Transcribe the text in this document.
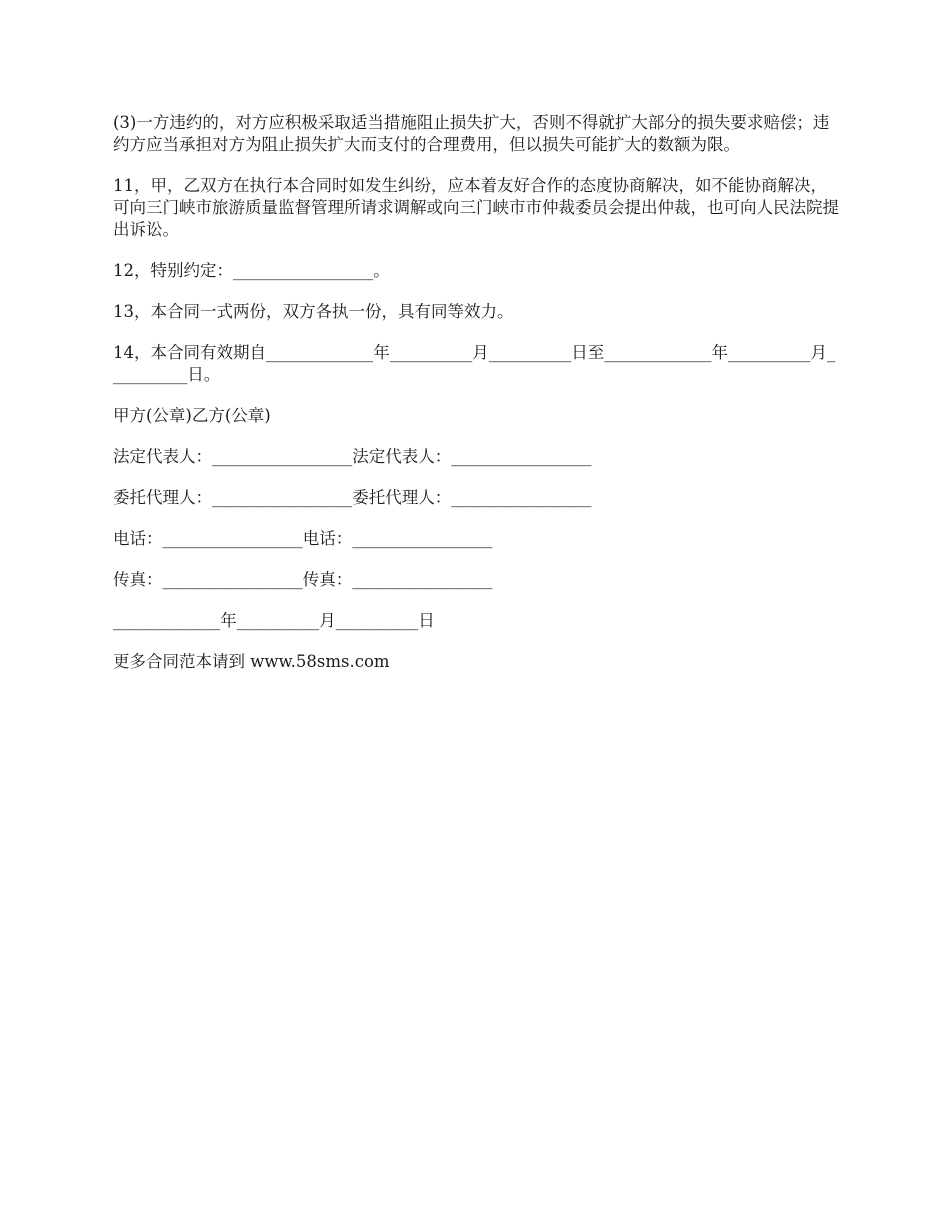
(3)一方违约的，对方应积极采取适当措施阻止损失扩大，否则不得就扩大部分的损失要求赔偿；违约方应当承担对方为阻止损失扩大而支付的合理费用，但以损失可能扩大的数额为限。

11，甲，乙双方在执行本合同时如发生纠纷，应本着友好合作的态度协商解决，如不能协商解决，可向三门峡市旅游质量监督管理所请求调解或向三门峡市市仲裁委员会提出仲裁，也可向人民法院提出诉讼。

12，特别约定：_________________。

13，本合同一式两份，双方各执一份，具有同等效力。

14，本合同有效期自_____________年__________月__________日至_____________年__________月__________日。

甲方(公章)乙方(公章)

法定代表人：_________________法定代表人：_________________

委托代理人：_________________委托代理人：_________________

电话：_________________电话：_________________

传真：_________________传真：_________________

_____________年__________月__________日

更多合同范本请到 www.58sms.com
